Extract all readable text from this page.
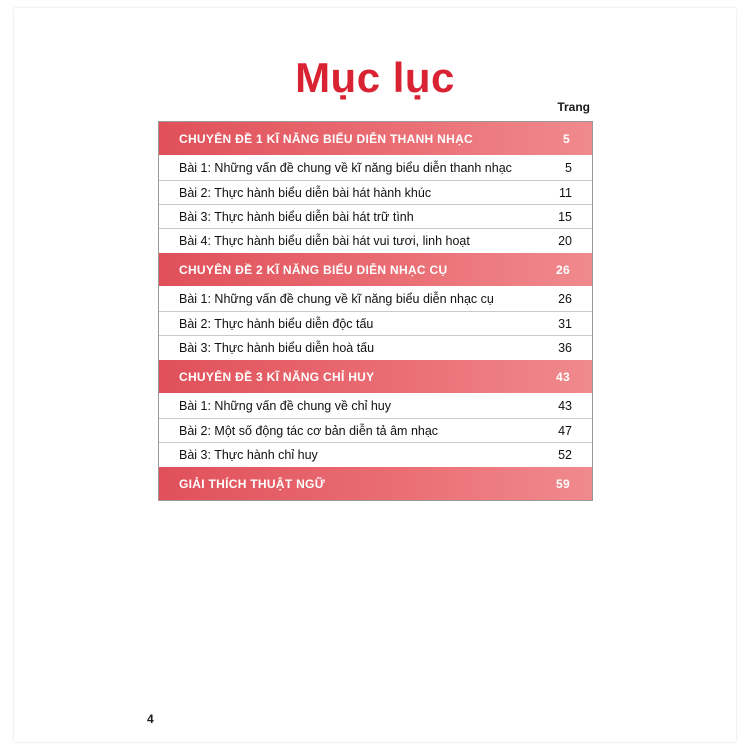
Mục lục
Trang
CHUYÊN ĐỀ 1 KĨ NĂNG BIỂU DIỄN THANH NHẠC	5
Bài 1: Những vấn đề chung về kĩ năng biểu diễn thanh nhạc	5
Bài 2: Thực hành biểu diễn bài hát hành khúc	11
Bài 3: Thực hành biểu diễn bài hát trữ tình	15
Bài 4: Thực hành biểu diễn bài hát vui tươi, linh hoạt	20
CHUYÊN ĐỀ 2 KĨ NĂNG BIỂU DIỄN NHẠC CỤ	26
Bài 1: Những vấn đề chung về kĩ năng biểu diễn nhạc cụ	26
Bài 2: Thực hành biểu diễn độc tấu	31
Bài 3: Thực hành biểu diễn hoà tấu	36
CHUYÊN ĐỀ 3 KĨ NĂNG CHỈ HUY	43
Bài 1: Những vấn đề chung về chỉ huy	43
Bài 2: Một số động tác cơ bản diễn tả âm nhạc	47
Bài 3: Thực hành chỉ huy	52
GIẢI THÍCH THUẬT NGỮ	59
4
